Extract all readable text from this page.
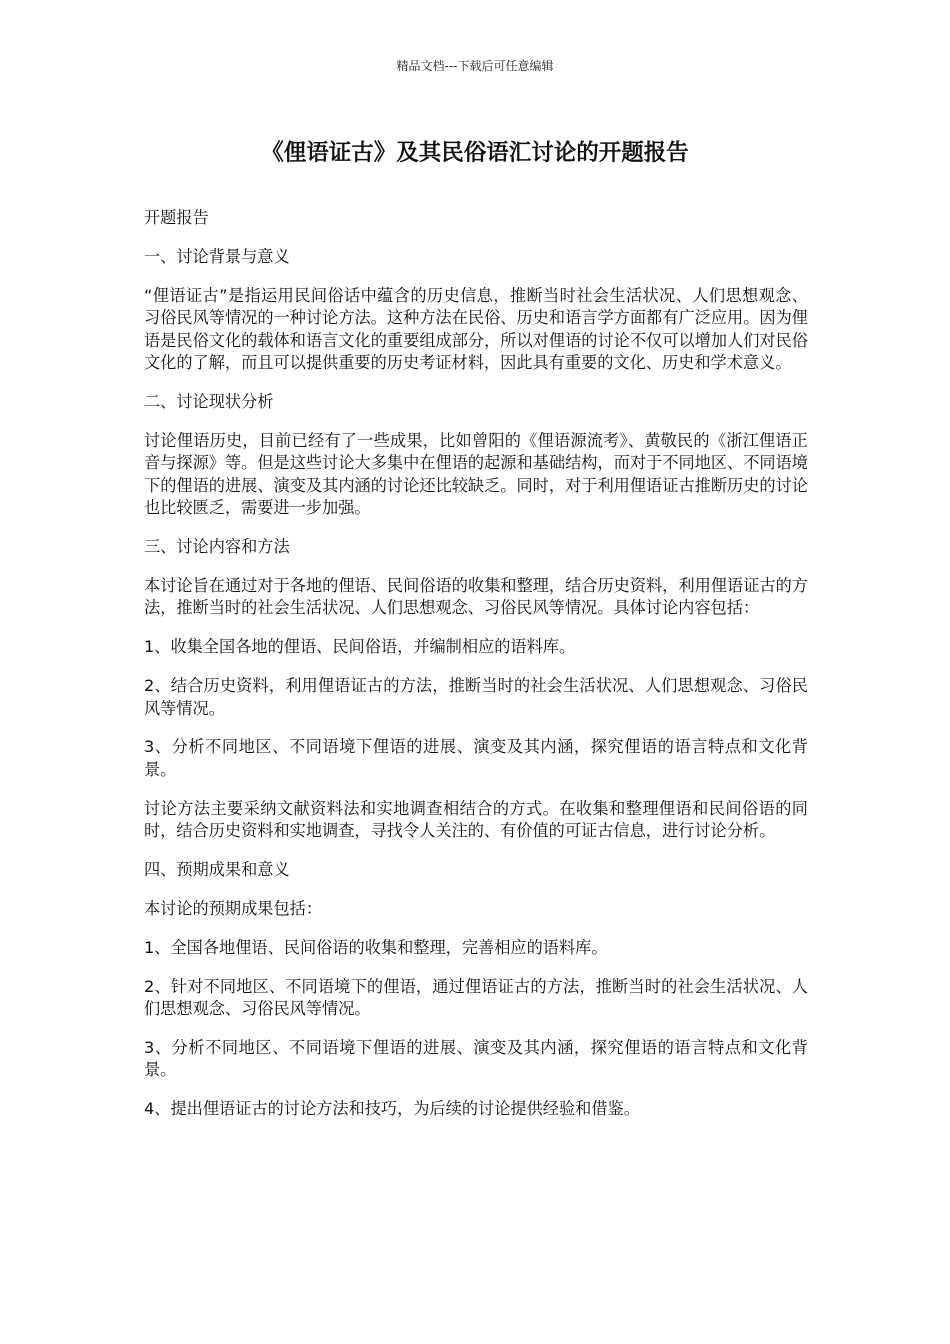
精品文档---下载后可任意编辑
《俚语证古》及其民俗语汇讨论的开题报告

开题报告

一、讨论背景与意义

“俚语证古”是指运用民间俗话中蕴含的历史信息，推断当时社会生活状况、人们思想观念、习俗民风等情况的一种讨论方法。这种方法在民俗、历史和语言学方面都有广泛应用。因为俚语是民俗文化的载体和语言文化的重要组成部分，所以对俚语的讨论不仅可以增加人们对民俗文化的了解，而且可以提供重要的历史考证材料，因此具有重要的文化、历史和学术意义。

二、讨论现状分析

讨论俚语历史，目前已经有了一些成果，比如曾阳的《俚语源流考》、黄敬民的《浙江俚语正音与探源》等。但是这些讨论大多集中在俚语的起源和基础结构，而对于不同地区、不同语境下的俚语的进展、演变及其内涵的讨论还比较缺乏。同时，对于利用俚语证古推断历史的讨论也比较匮乏，需要进一步加强。

三、讨论内容和方法

本讨论旨在通过对于各地的俚语、民间俗语的收集和整理，结合历史资料，利用俚语证古的方法，推断当时的社会生活状况、人们思想观念、习俗民风等情况。具体讨论内容包括：

1、收集全国各地的俚语、民间俗语，并编制相应的语料库。

2、结合历史资料，利用俚语证古的方法，推断当时的社会生活状况、人们思想观念、习俗民风等情况。

3、分析不同地区、不同语境下俚语的进展、演变及其内涵，探究俚语的语言特点和文化背景。

讨论方法主要采纳文献资料法和实地调查相结合的方式。在收集和整理俚语和民间俗语的同时，结合历史资料和实地调查，寻找令人关注的、有价值的可证古信息，进行讨论分析。

四、预期成果和意义

本讨论的预期成果包括：

1、全国各地俚语、民间俗语的收集和整理，完善相应的语料库。

2、针对不同地区、不同语境下的俚语，通过俚语证古的方法，推断当时的社会生活状况、人们思想观念、习俗民风等情况。

3、分析不同地区、不同语境下俚语的进展、演变及其内涵，探究俚语的语言特点和文化背景。

4、提出俚语证古的讨论方法和技巧，为后续的讨论提供经验和借鉴。
